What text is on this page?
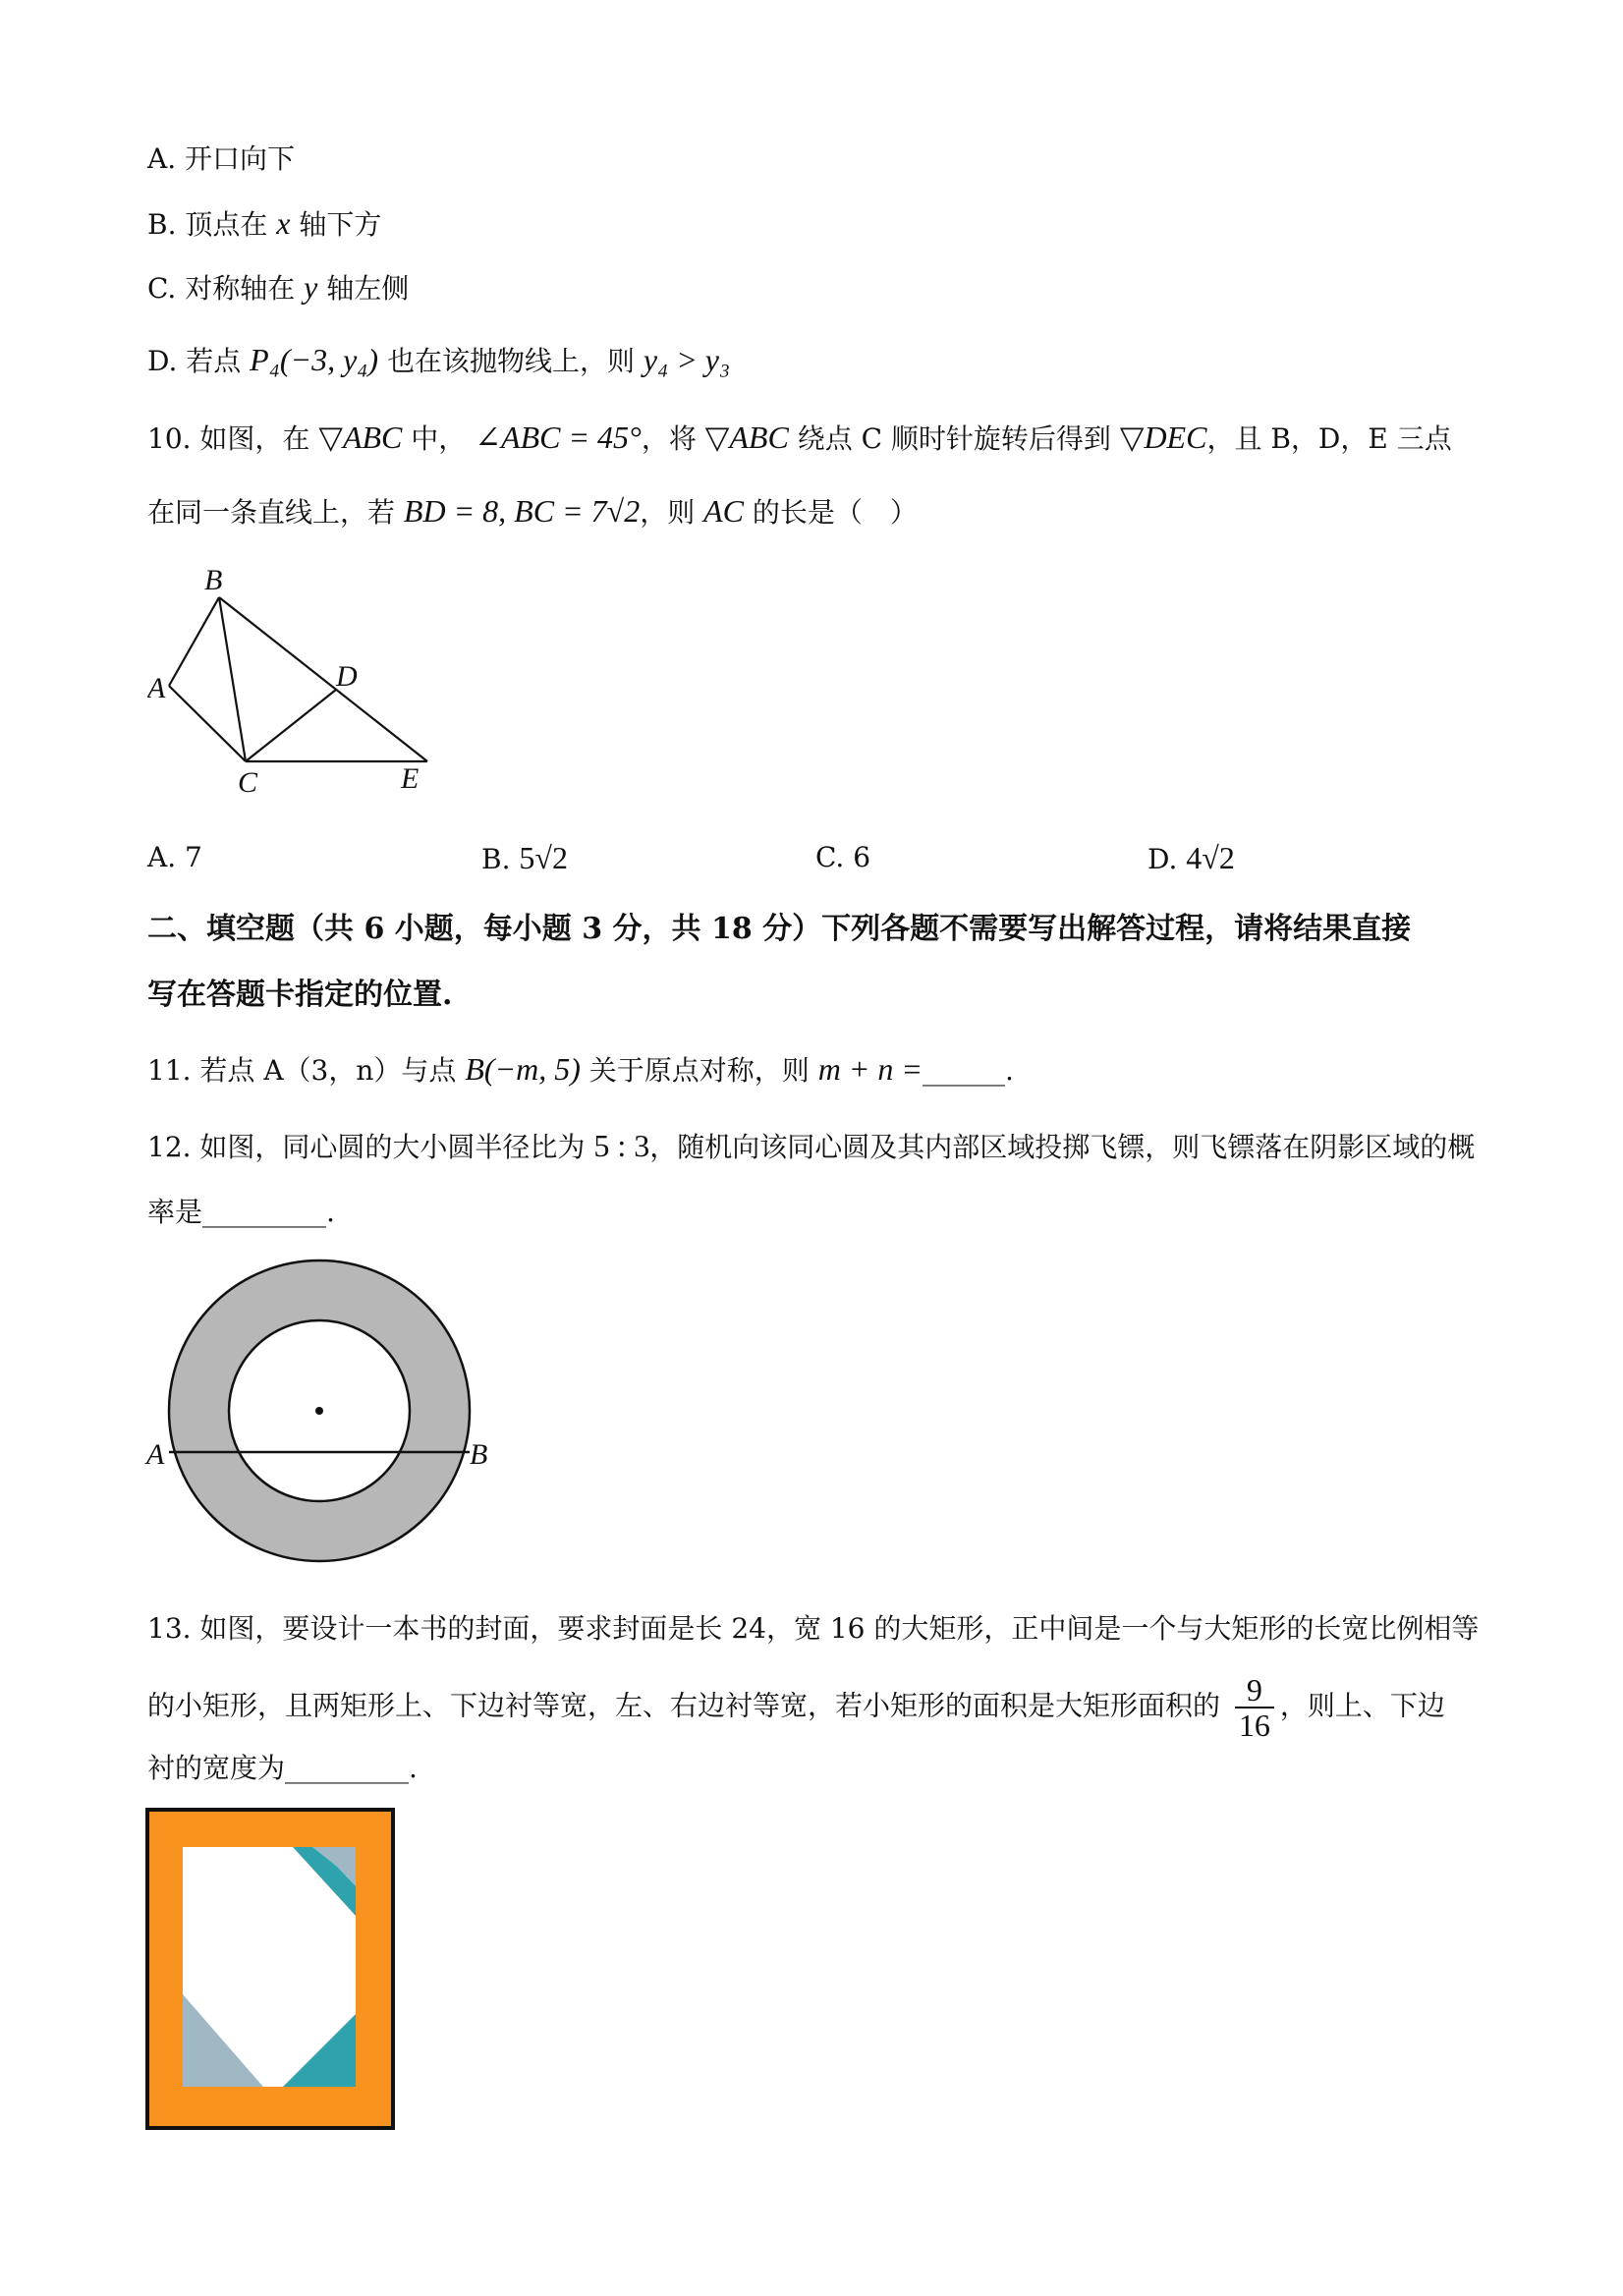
A. 开口向下
B. 顶点在 x 轴下方
C. 对称轴在 y 轴左侧
D. 若点 P₄(−3, y₄) 也在该抛物线上，则 y₄ > y₃
10. 如图，在 ▽ABC 中， ∠ABC = 45°，将 ▽ABC 绕点 C 顺时针旋转后得到 ▽DEC，且 B，D，E 三点
在同一条直线上，若 BD = 8, BC = 7√2，则 AC 的长是（　）
B
A	D
C	E
A. 7	B. 5√2	C. 6	D. 4√2
二、填空题（共 6 小题，每小题 3 分，共 18 分）下列各题不需要写出解答过程，请将结果直接
写在答题卡指定的位置.
11. 若点 A（3，n）与点 B(−m, 5) 关于原点对称，则 m + n =______.
12. 如图，同心圆的大小圆半径比为 5 : 3，随机向该同心圆及其内部区域投掷飞镖，则飞镖落在阴影区域的概
率是_________.
A	B
13. 如图，要设计一本书的封面，要求封面是长 24，宽 16 的大矩形，正中间是一个与大矩形的长宽比例相等
的小矩形，且两矩形上、下边衬等宽，左、右边衬等宽，若小矩形的面积是大矩形面积的 $\frac{9}{16}$ ，则上、下边
衬的宽度为_________.
